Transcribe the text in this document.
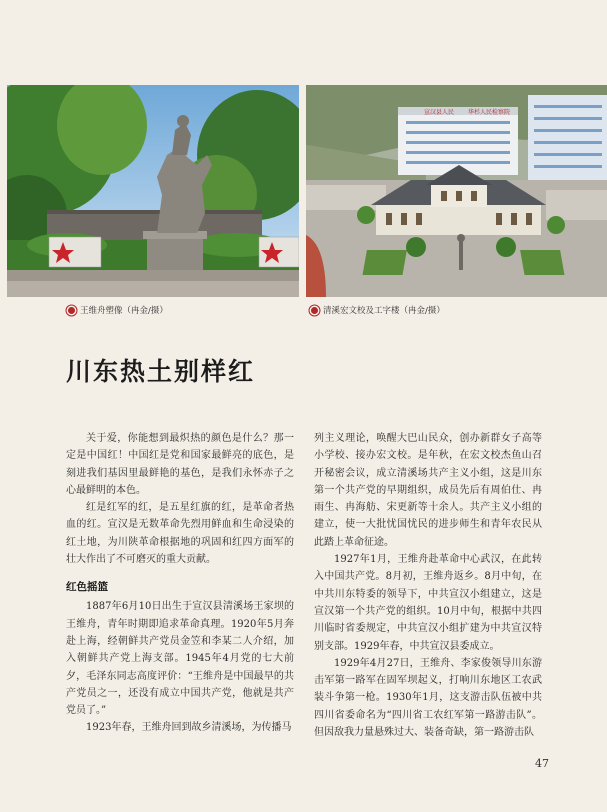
宣汉县人民 华杉人民检察院
王维舟塑像（冉金/摄）	清溪宏文校及工字楼（冉金/摄）
川东热土别样红

关于爱，你能想到最炽热的颜色是什么？那一定是中国红！中国红是党和国家最鲜亮的底色，是刻进我们基因里最鲜艳的基色，是我们永怀赤子之心最鲜明的本色。

红是红军的红，是五星红旗的红，是革命者热血的红。宣汉是无数革命先烈用鲜血和生命浸染的红土地，为川陕革命根据地的巩固和红四方面军的壮大作出了不可磨灭的重大贡献。

红色摇篮

1887年6月10日出生于宣汉县清溪场王家坝的王维舟，青年时期即追求革命真理。1920年5月奔赴上海，经朝鲜共产党员金笠和李某二人介绍，加入朝鲜共产党上海支部。1945年4月党的七大前夕，毛泽东同志高度评价：“王维舟是中国最早的共产党员之一，还没有成立中国共产党，他就是共产党员了。”

1923年春，王维舟回到故乡清溪场，为传播马

列主义理论，唤醒大巴山民众，创办新群女子高等小学校、接办宏文校。是年秋，在宏文校杰鱼山召开秘密会议，成立清溪场共产主义小组，这是川东第一个共产党的早期组织，成员先后有周伯仕、冉雨生、冉海舫、宋更新等十余人。共产主义小组的建立，使一大批忧国忧民的进步师生和青年农民从此踏上革命征途。

1927年1月，王维舟赴革命中心武汉，在此转入中国共产党。8月初，王维舟返乡。8月中旬，在中共川东特委的领导下，中共宣汉小组建立，这是宣汉第一个共产党的组织。10月中旬，根据中共四川临时省委规定，中共宣汉小组扩建为中共宣汉特别支部。1929年春，中共宣汉县委成立。

1929年4月27日，王维舟、李家俊领导川东游击军第一路军在固军坝起义，打响川东地区工农武装斗争第一枪。1930年1月，这支游击队伍被中共四川省委命名为“四川省工农红军第一路游击队”。但因敌我力量悬殊过大、装备奇缺，第一路游击队

47
